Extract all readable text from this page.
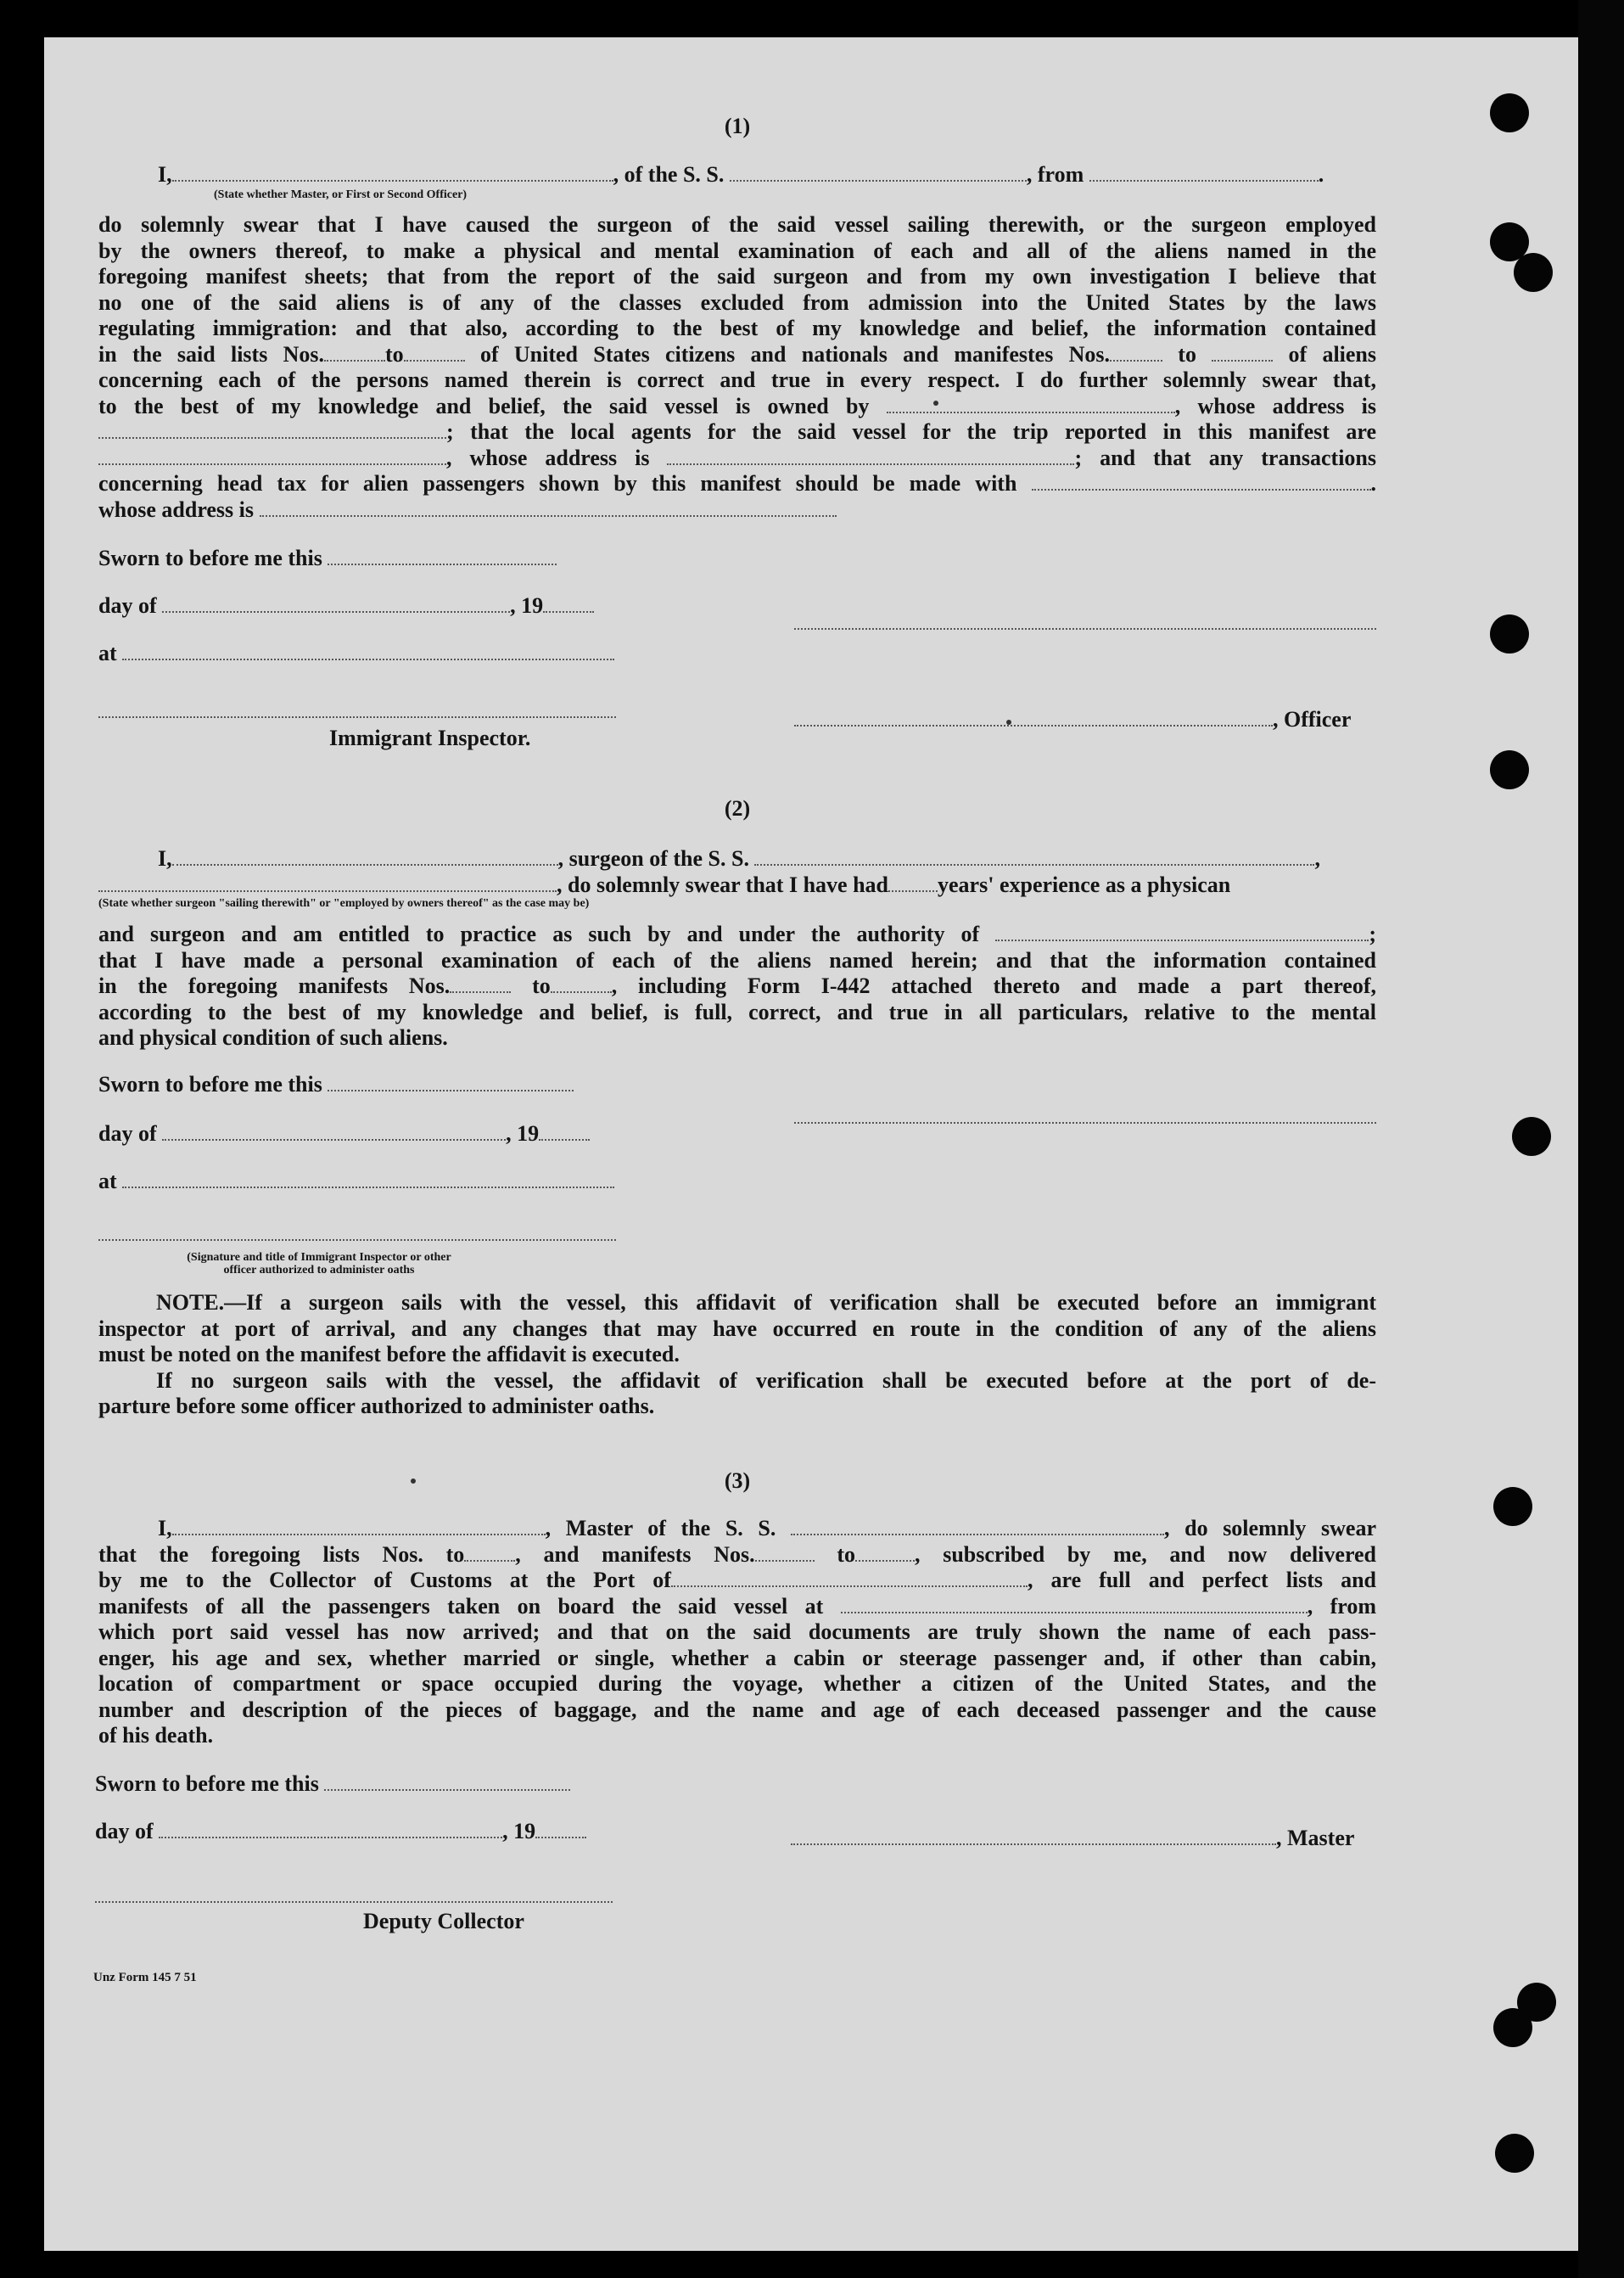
(1)
I,	, of the S. S.	, from	.
(State whether Master, or First or Second Officer)
do solemnly swear that I have caused the surgeon of the said vessel sailing therewith, or the surgeon employed
by the owners thereof, to make a physical and mental examination of each and all of the aliens named in the
foregoing manifest sheets; that from the report of the said surgeon and from my own investigation I believe that
no one of the said aliens is of any of the classes excluded from admission into the United States by the laws
regulating immigration: and that also, according to the best of my knowledge and belief, the information contained
in the said lists Nos.	to	of United States citizens and nationals and manifestes Nos.	to	of aliens
concerning each of the persons named therein is correct and true in every respect. I do further solemnly swear that,
to the best of my knowledge and belief, the said vessel is owned by	, whose address is
; that the local agents for the said vessel for the trip reported in this manifest are
, whose address is	; and that any transactions
concerning head tax for alien passengers shown by this manifest should be made with	.
whose address is
Sworn to before me this
day of	, 19
at
, Officer
Immigrant Inspector.
(2)
I,	, surgeon of the S. S.	,
, do solemnly swear that I have had years' experience as a physican
(State whether surgeon "sailing therewith" or "employed by owners thereof" as the case may be)
and surgeon and am entitled to practice as such by and under the authority of	;
that I have made a personal examination of each of the aliens named herein; and that the information contained
in the foregoing manifests Nos.	to	, including Form I-442 attached thereto and made a part thereof,
according to the best of my knowledge and belief, is full, correct, and true in all particulars, relative to the mental
and physical condition of such aliens.
Sworn to before me this
day of	, 19
at
(Signature and title of Immigrant Inspector or other
officer authorized to administer oaths
NOTE.—If a surgeon sails with the vessel, this affidavit of verification shall be executed before an immigrant
inspector at port of arrival, and any changes that may have occurred en route in the condition of any of the aliens
must be noted on the manifest before the affidavit is executed.
If no surgeon sails with the vessel, the affidavit of verification shall be executed before at the port of de-
parture before some officer authorized to administer oaths.
(3)
I,	, Master of the S. S.	, do solemnly swear
that the foregoing lists Nos. to , and manifests Nos.	to	, subscribed by me, and now delivered
by me to the Collector of Customs at the Port of	, are full and perfect lists and
manifests of all the passengers taken on board the said vessel at	, from
which port said vessel has now arrived; and that on the said documents are truly shown the name of each pass-
enger, his age and sex, whether married or single, whether a cabin or steerage passenger and, if other than cabin,
location of compartment or space occupied during the voyage, whether a citizen of the United States, and the
number and description of the pieces of baggage, and the name and age of each deceased passenger and the cause
of his death.
Sworn to before me this
day of	, 19	, Master
Deputy Collector
Unz Form 145 7 51
